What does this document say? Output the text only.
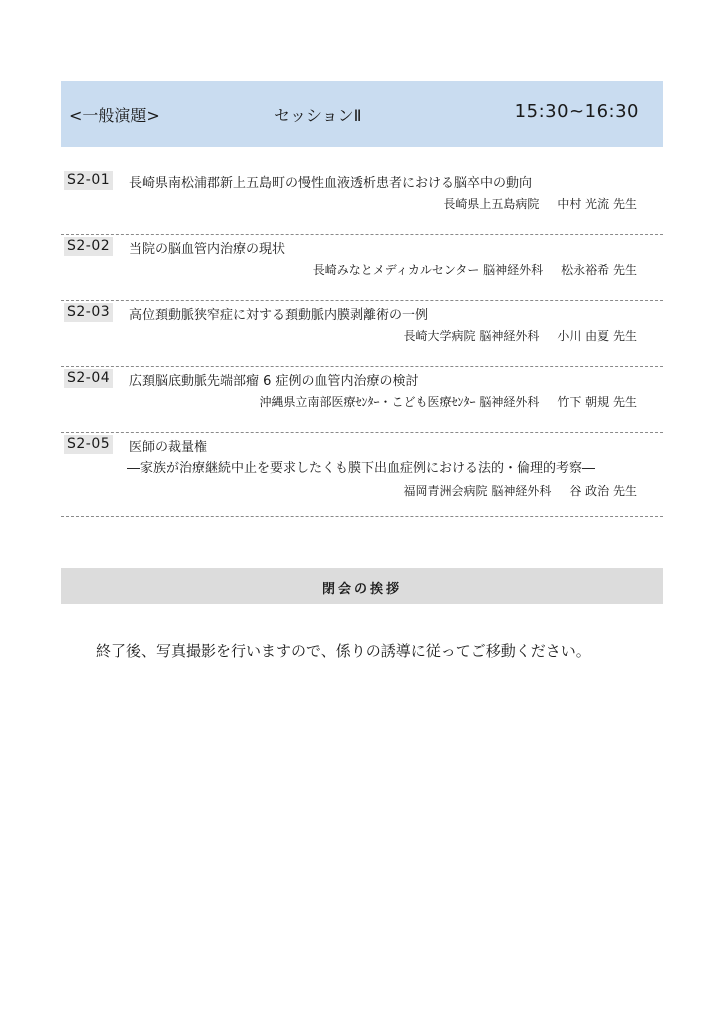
<一般演題>	セッションⅡ	15:30~16:30
S2-01 長崎県南松浦郡新上五島町の慢性血液透析患者における脳卒中の動向
長崎県上五島病院 中村 光流 先生
S2-02 当院の脳血管内治療の現状
長崎みなとメディカルセンター 脳神経外科 松永裕希 先生
S2-03 高位頚動脈狭窄症に対する頚動脈内膜剥離術の一例
長崎大学病院 脳神経外科 小川 由夏 先生
S2-04 広頚脳底動脈先端部瘤 6 症例の血管内治療の検討
沖縄県立南部医療ｾﾝﾀｰ・こども医療ｾﾝﾀｰ 脳神経外科 竹下 朝規 先生
S2-05 医師の裁量権
―家族が治療継続中止を要求したくも膜下出血症例における法的・倫理的考察―
福岡青洲会病院 脳神経外科 谷 政治 先生
閉会の挨拶
終了後、写真撮影を行いますので、係りの誘導に従ってご移動ください。
